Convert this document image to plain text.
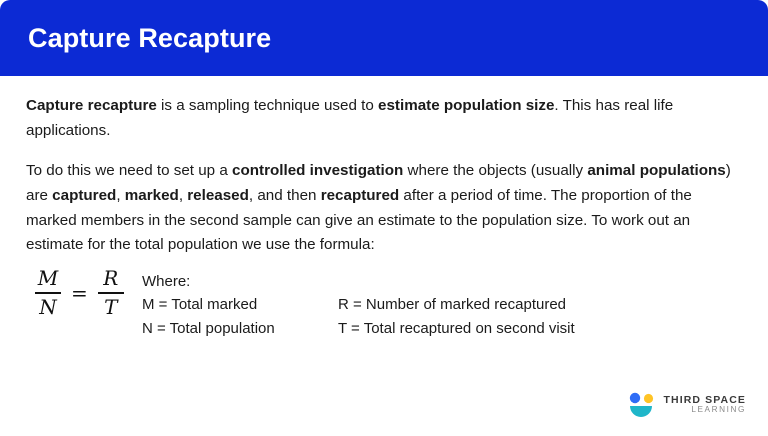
Capture Recapture

Capture recapture is a sampling technique used to estimate population size. This has real life applications.

To do this we need to set up a controlled investigation where the objects (usually animal populations) are captured, marked, released, and then recaptured after a period of time. The proportion of the marked members in the second sample can give an estimate to the population size. To work out an estimate for the total population we use the formula:

$\frac{M}{N} = \frac{R}{T}$ Where:
M = Total marked	R = Number of marked recaptured
N = Total population	T = Total recaptured on second visit
THIRD SPACE
LEARNING
